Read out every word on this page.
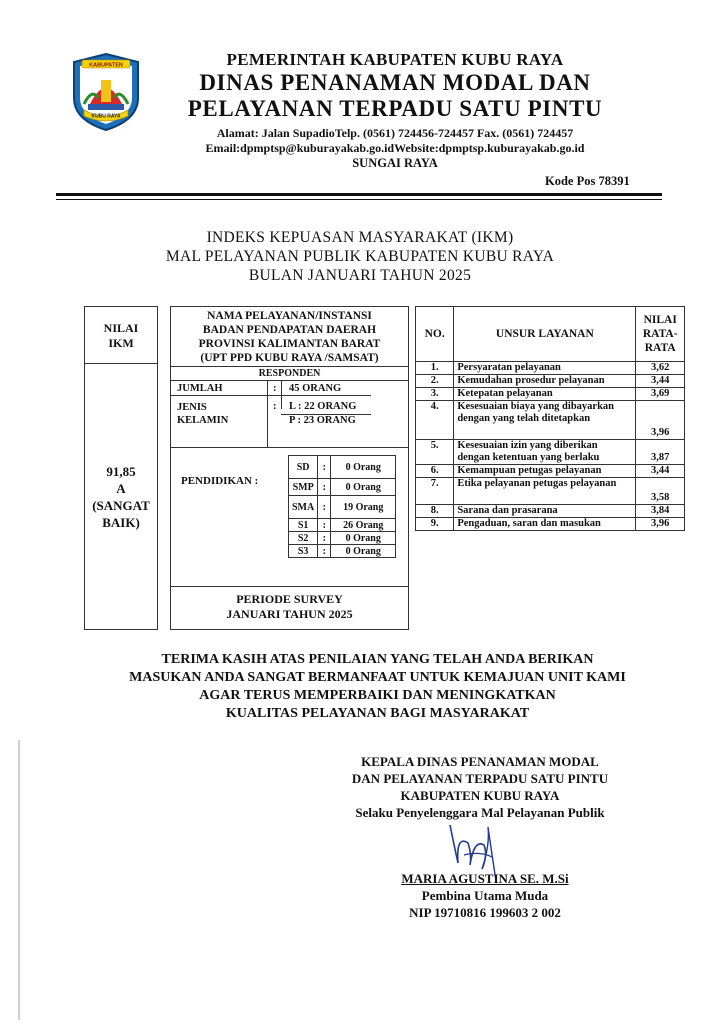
KABUPATEN
KUBU RAYA
PEMERINTAH KABUPATEN KUBU RAYA
DINAS PENANAMAN MODAL DAN
PELAYANAN TERPADU SATU PINTU
Alamat: Jalan SupadioTelp. (0561) 724456-724457 Fax. (0561) 724457
Email:dpmptsp@kuburayakab.go.idWebsite:dpmptsp.kuburayakab.go.id
SUNGAI RAYA
Kode Pos 78391
INDEKS KEPUASAN MASYARAKAT (IKM)
MAL PELAYANAN PUBLIK KABUPATEN KUBU RAYA
BULAN JANUARI TAHUN 2025
NILAI
IKM
91,85
A
(SANGAT
BAIK)
NAMA PELAYANAN/INSTANSI
BADAN PENDAPATAN DAERAH
PROVINSI KALIMANTAN BARAT
(UPT PPD KUBU RAYA /SAMSAT)
RESPONDEN
JUMLAH	: 45 ORANG
JENIS
KELAMIN
: L : 22 ORANG
P : 23 ORANG
PENDIDIKAN :
SD	:	0 Orang
SMP	:	0 Orang
SMA	:	19 Orang
S1	:	26 Orang
S2	:	0 Orang
S3	:	0 Orang
PERIODE SURVEY
JANUARI TAHUN 2025
NO.	UNSUR LAYANAN	NILAI
RATA-
RATA

1.	Persyaratan pelayanan	3,62
2.	Kemudahan prosedur pelayanan	3,44
3.	Ketepatan pelayanan	3,69
4.	Kesesuaian biaya yang dibayarkan dengan yang telah ditetapkan	3,96
5.	Kesesuaian izin yang diberikan dengan ketentuan yang berlaku	3,87
6.	Kemampuan petugas pelayanan	3,44
7.	Etika pelayanan petugas pelayanan	3,58
8.	Sarana dan prasarana	3,84
9.	Pengaduan, saran dan masukan	3,96
TERIMA KASIH ATAS PENILAIAN YANG TELAH ANDA BERIKAN
MASUKAN ANDA SANGAT BERMANFAAT UNTUK KEMAJUAN UNIT KAMI
AGAR TERUS MEMPERBAIKI DAN MENINGKATKAN
KUALITAS PELAYANAN BAGI MASYARAKAT
KEPALA DINAS PENANAMAN MODAL
DAN PELAYANAN TERPADU SATU PINTU
KABUPATEN KUBU RAYA
Selaku Penyelenggara Mal Pelayanan Publik
MARIA AGUSTINA SE. M.Si
Pembina Utama Muda
NIP 19710816 199603 2 002
